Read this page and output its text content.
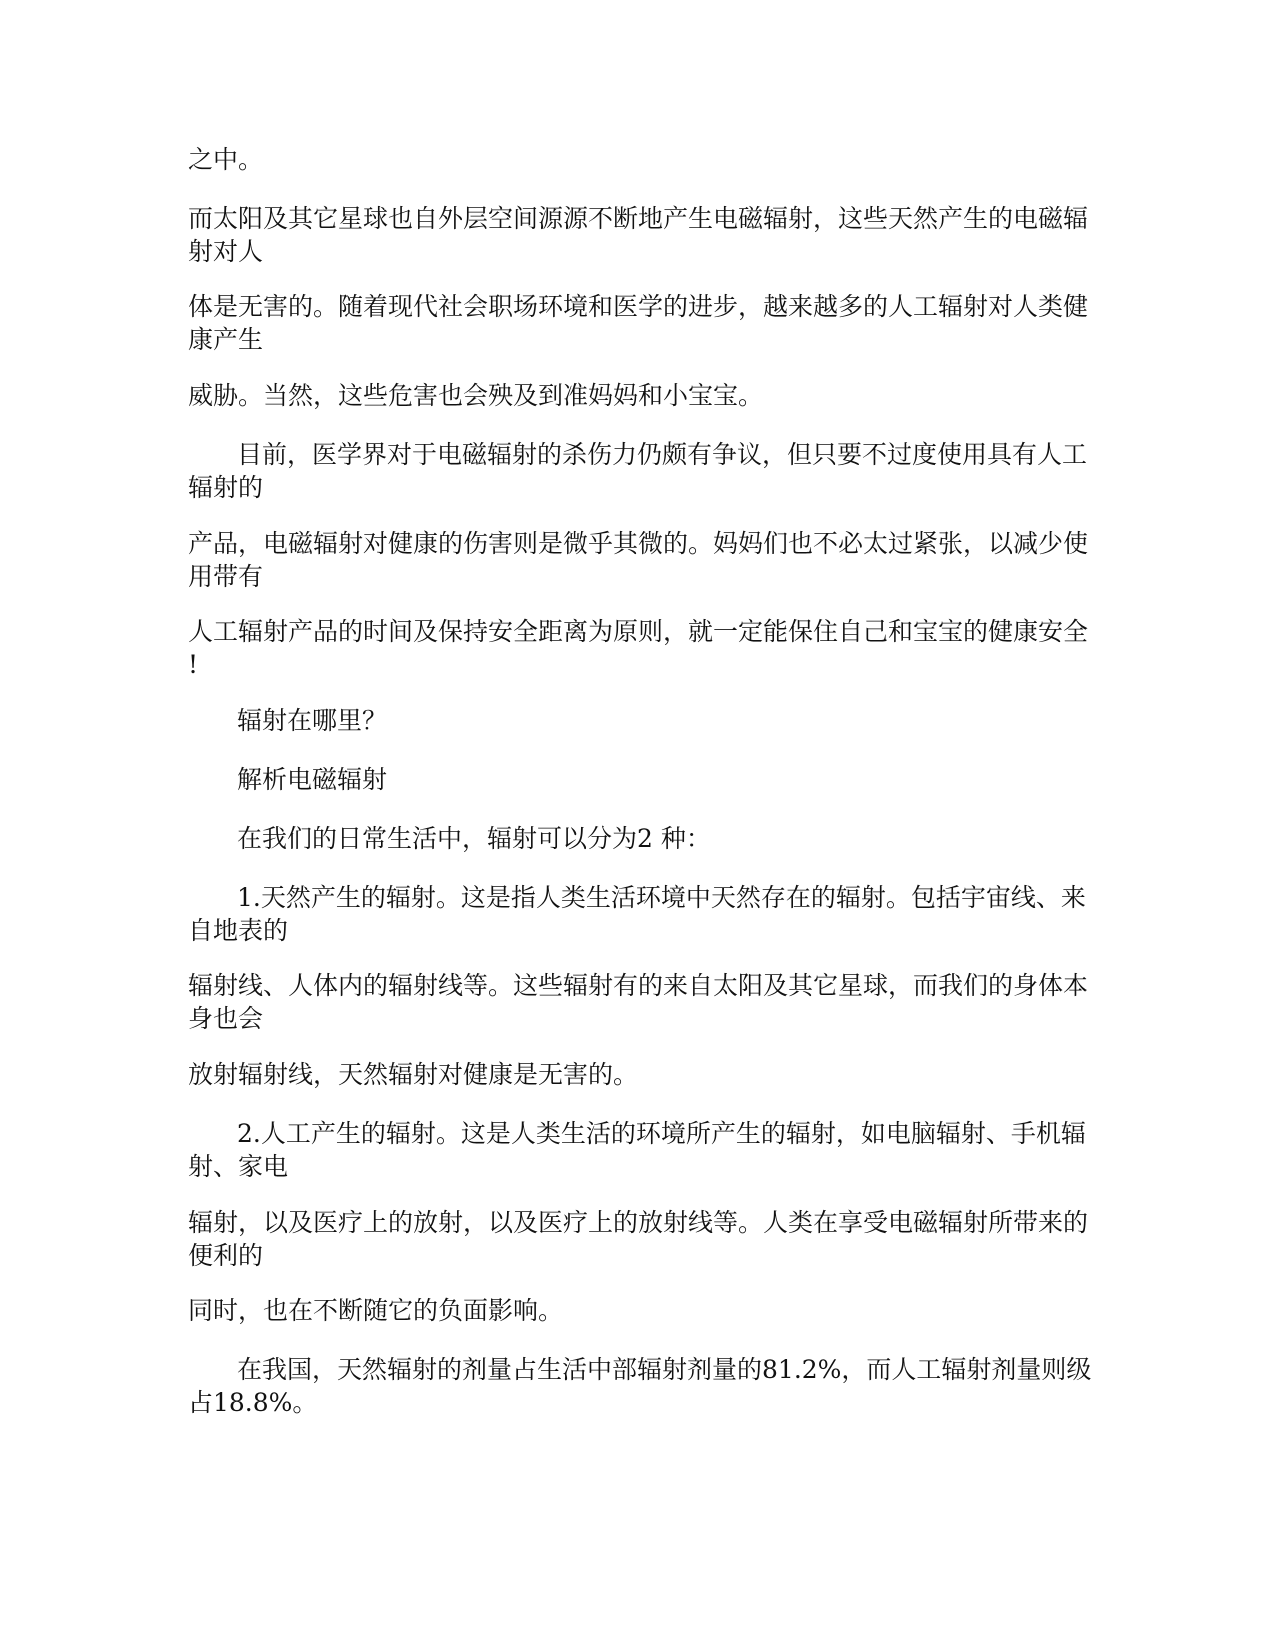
之中。

而太阳及其它星球也自外层空间源源不断地产生电磁辐射，这些天然产生的电磁辐
射对人

体是无害的。随着现代社会职场环境和医学的进步，越来越多的人工辐射对人类健
康产生

威胁。当然，这些危害也会殃及到准妈妈和小宝宝。

目前，医学界对于电磁辐射的杀伤力仍颇有争议，但只要不过度使用具有人工
辐射的

产品，电磁辐射对健康的伤害则是微乎其微的。妈妈们也不必太过紧张，以减少使
用带有

人工辐射产品的时间及保持安全距离为原则，就一定能保住自己和宝宝的健康安全
!

辐射在哪里？

解析电磁辐射

在我们的日常生活中，辐射可以分为2 种：

1.天然产生的辐射。这是指人类生活环境中天然存在的辐射。包括宇宙线、来
自地表的

辐射线、人体内的辐射线等。这些辐射有的来自太阳及其它星球，而我们的身体本
身也会

放射辐射线，天然辐射对健康是无害的。

2.人工产生的辐射。这是人类生活的环境所产生的辐射，如电脑辐射、手机辐
射、家电

辐射，以及医疗上的放射，以及医疗上的放射线等。人类在享受电磁辐射所带来的
便利的

同时，也在不断随它的负面影响。

在我国，天然辐射的剂量占生活中部辐射剂量的81.2%，而人工辐射剂量则级
占18.8%。
